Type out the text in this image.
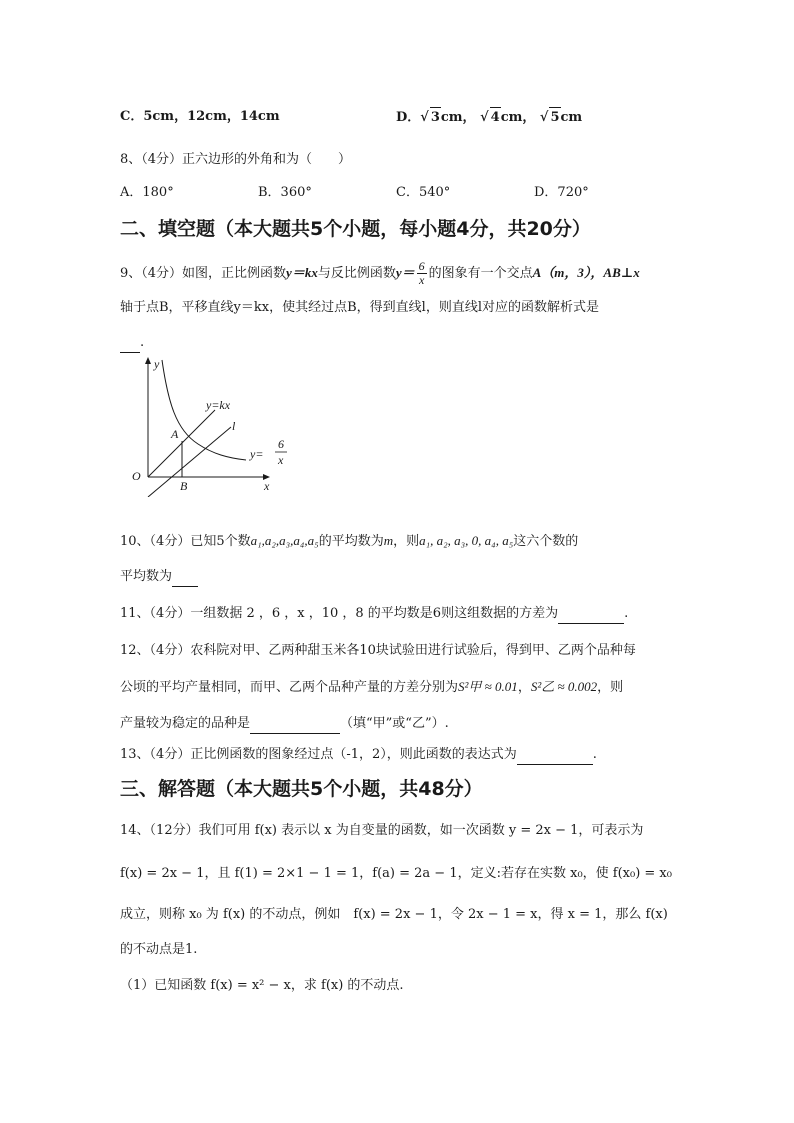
C．5cm，12cm，14cm	D．√ 3cm， √ 4cm， √ 5cm
8、（4分）正六边形的外角和为（　　）
A．180°	B．360°	C．540°	D．720°
二、填空题（本大题共5个小题，每小题4分，共20分）
9、（4分）如图，正比例函数y＝kx与反比例函数$y= \frac{6}{x}$ 的图象有一个交点A（m，3），AB⊥x
轴于点B，平移直线y＝kx，使其经过点B，得到直线l，则直线l对应的函数解析式是
.
y
x
O
y=kx
A
B
l
y=
6
x
10、（4分）已知5个数a₁,a₂,a₃,a₄,a₅的平均数为m，则a₁, a₂, a₃, 0, a₄, a₅这六个数的
平均数为
11、（4分）一组数据 2 ，6 ，x ，10 ，8 的平均数是6则这组数据的方差为	.
12、（4分）农科院对甲、乙两种甜玉米各10块试验田进行试验后，得到甲、乙两个品种每
公顷的平均产量相同，而甲、乙两个品种产量的方差分别为S²甲 ≈ 0.01，S²乙 ≈ 0.002，则
产量较为稳定的品种是	（填“甲”或“乙”）.
13、（4分）正比例函数的图象经过点（-1，2），则此函数的表达式为	.
三、解答题（本大题共5个小题，共48分）
14、（12分）我们可用 f(x) 表示以 x 为自变量的函数，如一次函数 y = 2x − 1，可表示为
f(x) = 2x − 1，且 f(1) = 2×1 − 1 = 1，f(a) = 2a − 1，定义:若存在实数 x₀，使 f(x₀) = x₀
成立，则称 x₀ 为 f(x) 的不动点，例如　f(x) = 2x − 1，令 2x − 1 = x，得 x = 1，那么 f(x)
的不动点是1.
（1）已知函数 f(x) = x² − x，求 f(x) 的不动点.
